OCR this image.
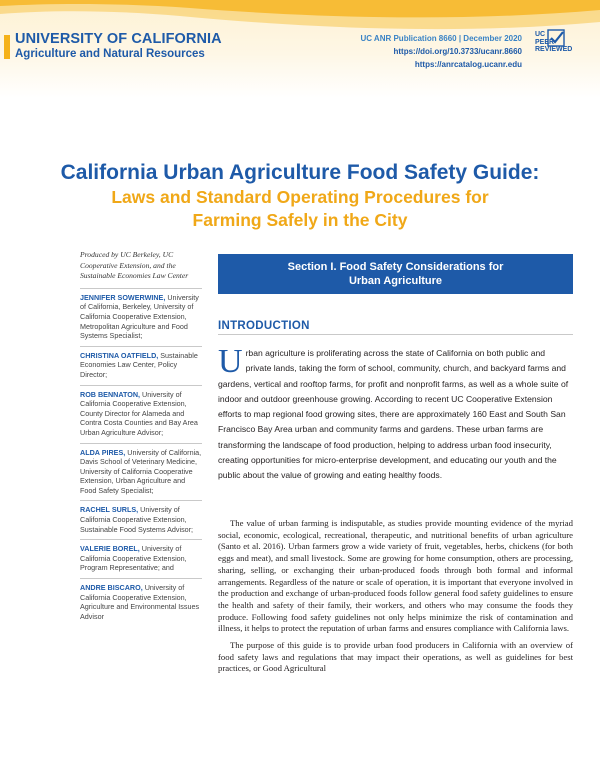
UNIVERSITY OF CALIFORNIA
Agriculture and Natural Resources
UC ANR Publication 8660 | December 2020
https://doi.org/10.3733/ucanr.8660
https://anrcatalog.ucanr.edu
UC
PEER
REVIEWED
California Urban Agriculture Food Safety Guide:
Laws and Standard Operating Procedures for
Farming Safely in the City
Produced by UC Berkeley, UC Cooperative Extension, and the Sustainable Economies Law Center
JENNIFER SOWERWINE, University of California, Berkeley, University of California Cooperative Extension, Metropolitan Agriculture and Food Systems Specialist;
CHRISTINA OATFIELD, Sustainable Economies Law Center, Policy Director;
ROB BENNATON, University of California Cooperative Extension, County Director for Alameda and Contra Costa Counties and Bay Area Urban Agriculture Advisor;
ALDA PIRES, University of California, Davis School of Veterinary Medicine, University of California Cooperative Extension, Urban Agriculture and Food Safety Specialist;
RACHEL SURLS, University of California Cooperative Extension, Sustainable Food Systems Advisor;
VALERIE BOREL, University of California Cooperative Extension, Program Representative; and
ANDRE BISCARO, University of California Cooperative Extension, Agriculture and Environmental Issues Advisor
Section I. Food Safety Considerations for
Urban Agriculture
INTRODUCTION
U rban agriculture is proliferating across the state of California on both public and private lands, taking the form of school, community, church, and backyard farms and gardens, vertical and rooftop farms, for profit and nonprofit farms, as well as a whole suite of indoor and outdoor greenhouse growing. According to recent UC Cooperative Extension efforts to map regional food growing sites, there are approximately 160 East and South San Francisco Bay Area urban and community farms and gardens. These urban farms are transforming the landscape of food production, helping to address urban food insecurity, creating opportunities for micro-enterprise development, and educating our youth and the public about the value of growing and eating healthy foods.

The value of urban farming is indisputable, as studies provide mounting evidence of the myriad social, economic, ecological, recreational, therapeutic, and nutritional benefits of urban agriculture (Santo et al. 2016). Urban farmers grow a wide variety of fruit, vegetables, herbs, chickens (for both eggs and meat), and small livestock. Some are growing for home consumption, others are processing, sharing, selling, or exchanging their urban-produced foods through both formal and informal arrangements. Regardless of the nature or scale of operation, it is important that everyone involved in the production and exchange of urban-produced foods follow general food safety guidelines to ensure the health and safety of their family, their workers, and others who may consume the foods they produce. Following food safety guidelines not only helps minimize the risk of contamination and illness, it helps to protect the reputation of urban farms and ensures compliance with California laws.

The purpose of this guide is to provide urban food producers in California with an overview of food safety laws and regulations that may impact their operations, as well as guidelines for best practices, or Good Agricultural
